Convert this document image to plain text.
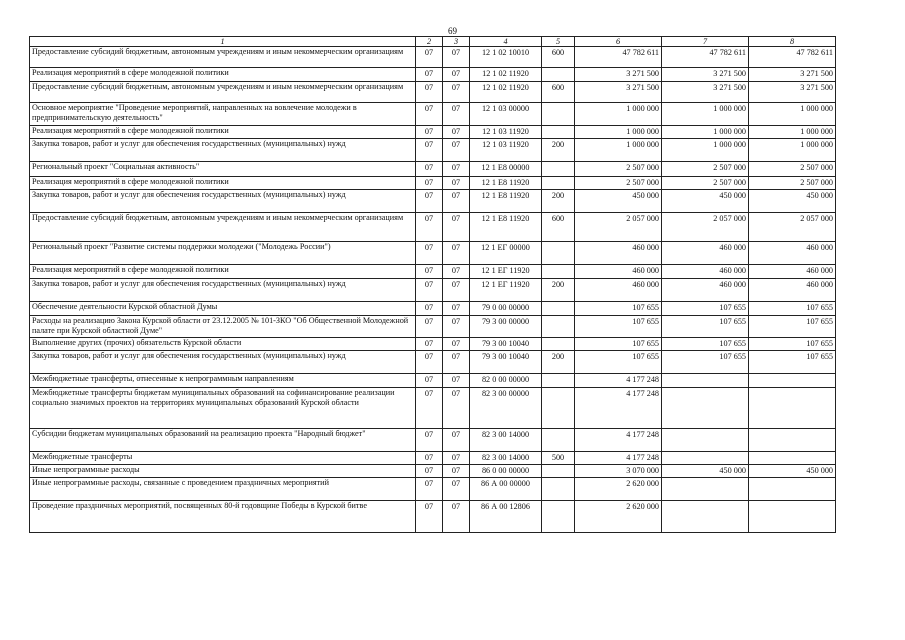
69
1	2	3	4	5	6	7	8
Предоставление субсидий бюджетным, автономным учреждениям и иным некоммерческим организациям	07	07	12 1 02 10010	600	47 782 611	47 782 611	47 782 611
Реализация мероприятий в сфере молодежной политики	07	07	12 1 02 11920		3 271 500	3 271 500	3 271 500
Предоставление субсидий бюджетным, автономным учреждениям и иным некоммерческим организациям	07	07	12 1 02 11920	600	3 271 500	3 271 500	3 271 500
Основное мероприятие "Проведение мероприятий, направленных на вовлечение молодежи в предпринимательскую деятельность"	07	07	12 1 03 00000		1 000 000	1 000 000	1 000 000
Реализация мероприятий в сфере молодежной политики	07	07	12 1 03 11920		1 000 000	1 000 000	1 000 000
Закупка товаров, работ и услуг для обеспечения государственных (муниципальных) нужд	07	07	12 1 03 11920	200	1 000 000	1 000 000	1 000 000
Региональный проект "Социальная активность"	07	07	12 1 E8 00000		2 507 000	2 507 000	2 507 000
Реализация мероприятий в сфере молодежной политики	07	07	12 1 E8 11920		2 507 000	2 507 000	2 507 000
Закупка товаров, работ и услуг для обеспечения государственных (муниципальных) нужд	07	07	12 1 E8 11920	200	450 000	450 000	450 000
Предоставление субсидий бюджетным, автономным учреждениям и иным некоммерческим организациям	07	07	12 1 E8 11920	600	2 057 000	2 057 000	2 057 000
Региональный проект "Развитие системы поддержки молодежи ("Молодежь России")	07	07	12 1 ЕГ 00000		460 000	460 000	460 000
Реализация мероприятий в сфере молодежной политики	07	07	12 1 ЕГ 11920		460 000	460 000	460 000
Закупка товаров, работ и услуг для обеспечения государственных (муниципальных) нужд	07	07	12 1 ЕГ 11920	200	460 000	460 000	460 000
Обеспечение деятельности Курской областной Думы	07	07	79 0 00 00000		107 655	107 655	107 655
Расходы на реализацию Закона Курской области от 23.12.2005 № 101-ЗКО "Об Общественной Молодежной палате при Курской областной Думе"	07	07	79 3 00 00000		107 655	107 655	107 655
Выполнение других (прочих) обязательств Курской области	07	07	79 3 00 10040		107 655	107 655	107 655
Закупка товаров, работ и услуг для обеспечения государственных (муниципальных) нужд	07	07	79 3 00 10040	200	107 655	107 655	107 655
Межбюджетные трансферты, отнесенные к непрограммным направлениям	07	07	82 0 00 00000		4 177 248		
Межбюджетные трансферты бюджетам муниципальных образований на софинансирование реализации социально значимых проектов на территориях муниципальных образований Курской области	07	07	82 3 00 00000		4 177 248		
Субсидии бюджетам муниципальных образований на реализацию проекта "Народный бюджет"	07	07	82 3 00 14000		4 177 248		
Межбюджетные трансферты	07	07	82 3 00 14000	500	4 177 248		
Иные непрограммные расходы	07	07	86 0 00 00000		3 070 000	450 000	450 000
Иные непрограммные расходы, связанные с проведением праздничных мероприятий	07	07	86 А 00 00000		2 620 000		
Проведение праздничных мероприятий, посвященных 80-й годовщине Победы в Курской битве	07	07	86 А 00 12806		2 620 000		
